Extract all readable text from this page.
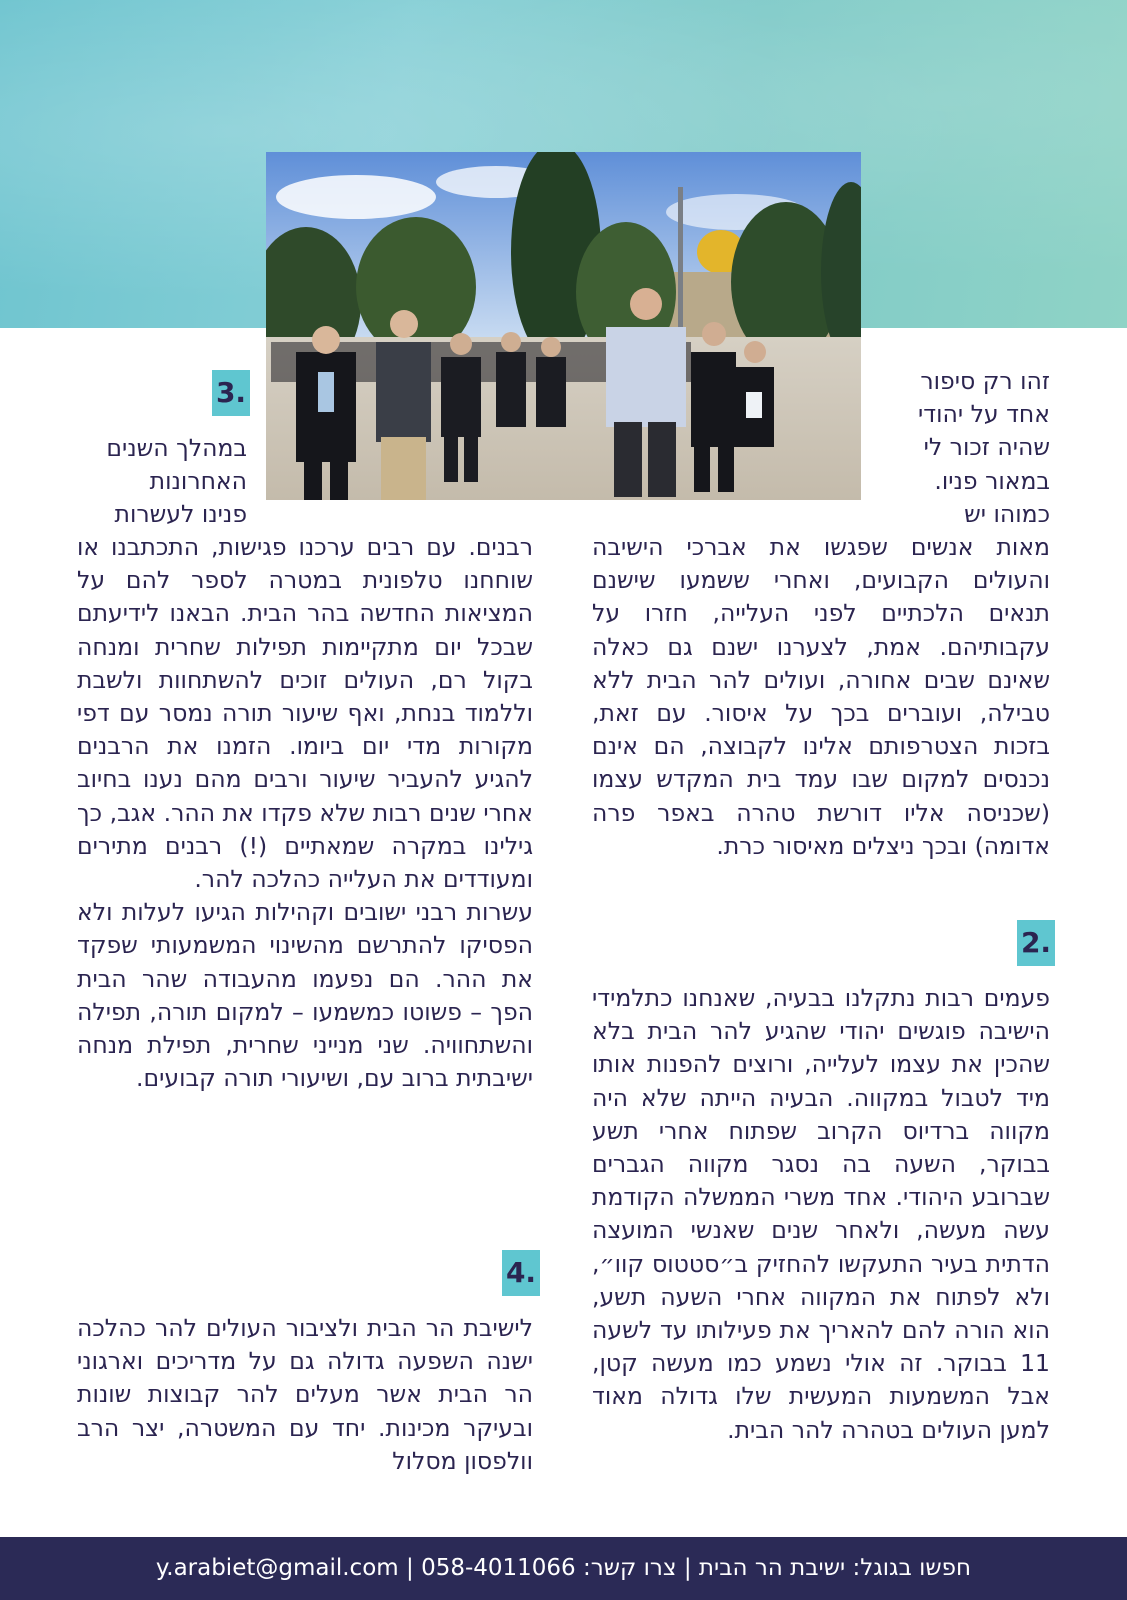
זהו רק סיפור

אחד על יהודי

שהיה זכור לי

במאור פניו.

כמוהו יש

מאות אנשים שפגשו את אברכי הישיבה והעולים הקבועים, ואחרי ששמעו שישנם תנאים הלכתיים לפני העלייה, חזרו על עקבותיהם. אמת, לצערנו ישנם גם כאלה שאינם שבים אחורה, ועולים להר הבית ללא טבילה, ועוברים בכך על איסור. עם זאת, בזכות הצטרפותם אלינו לקבוצה, הם אינם נכנסים למקום שבו עמד בית המקדש עצמו (שכניסה אליו דורשת טהרה באפר פרה אדומה) ובכך ניצלים מאיסור כרת.

2.

פעמים רבות נתקלנו בבעיה, שאנחנו כתלמידי הישיבה פוגשים יהודי שהגיע להר הבית בלא שהכין את עצמו לעלייה, ורוצים להפנות אותו מיד לטבול במקווה. הבעיה הייתה שלא היה מקווה ברדיוס הקרוב שפתוח אחרי תשע בבוקר, השעה בה נסגר מקווה הגברים שברובע היהודי. אחד משרי הממשלה הקודמת עשה מעשה, ולאחר שנים שאנשי המועצה הדתית בעיר התעקשו להחזיק ב״סטטוס קוו״, ולא לפתוח את המקווה אחרי השעה תשע, הוא הורה להם להאריך את פעילותו עד לשעה 11 בבוקר. זה אולי נשמע כמו מעשה קטן, אבל המשמעות המעשית שלו גדולה מאוד למען העולים בטהרה להר הבית.

3.

במהלך השנים

האחרונות

פנינו לעשרות

רבנים. עם רבים ערכנו פגישות, התכתבנו או שוחחנו טלפונית במטרה לספר להם על המציאות החדשה בהר הבית. הבאנו לידיעתם שבכל יום מתקיימות תפילות שחרית ומנחה בקול רם, העולים זוכים להשתחוות ולשבת וללמוד בנחת, ואף שיעור תורה נמסר עם דפי מקורות מדי יום ביומו. הזמנו את הרבנים להגיע להעביר שיעור ורבים מהם נענו בחיוב אחרי שנים רבות שלא פקדו את ההר. אגב, כך גילינו במקרה שמאתיים (!) רבנים מתירים ומעודדים את העלייה כהלכה להר.

עשרות רבני ישובים וקהילות הגיעו לעלות ולא הפסיקו להתרשם מהשינוי המשמעותי שפקד את ההר. הם נפעמו מהעבודה שהר הבית הפך – פשוטו כמשמעו – למקום תורה, תפילה והשתחוויה. שני מנייני שחרית, תפילת מנחה ישיבתית ברוב עם, ושיעורי תורה קבועים.

4.

לישיבת הר הבית ולציבור העולים להר כהלכה ישנה השפעה גדולה גם על מדריכים וארגוני הר הבית אשר מעלים להר קבוצות שונות ובעיקר מכינות. יחד עם המשטרה, יצר הרב וולפסון מסלול

חפשו בגוגל: ישיבת הר הבית | צרו קשר: 058-4011066 | y.arabiet@gmail.com
